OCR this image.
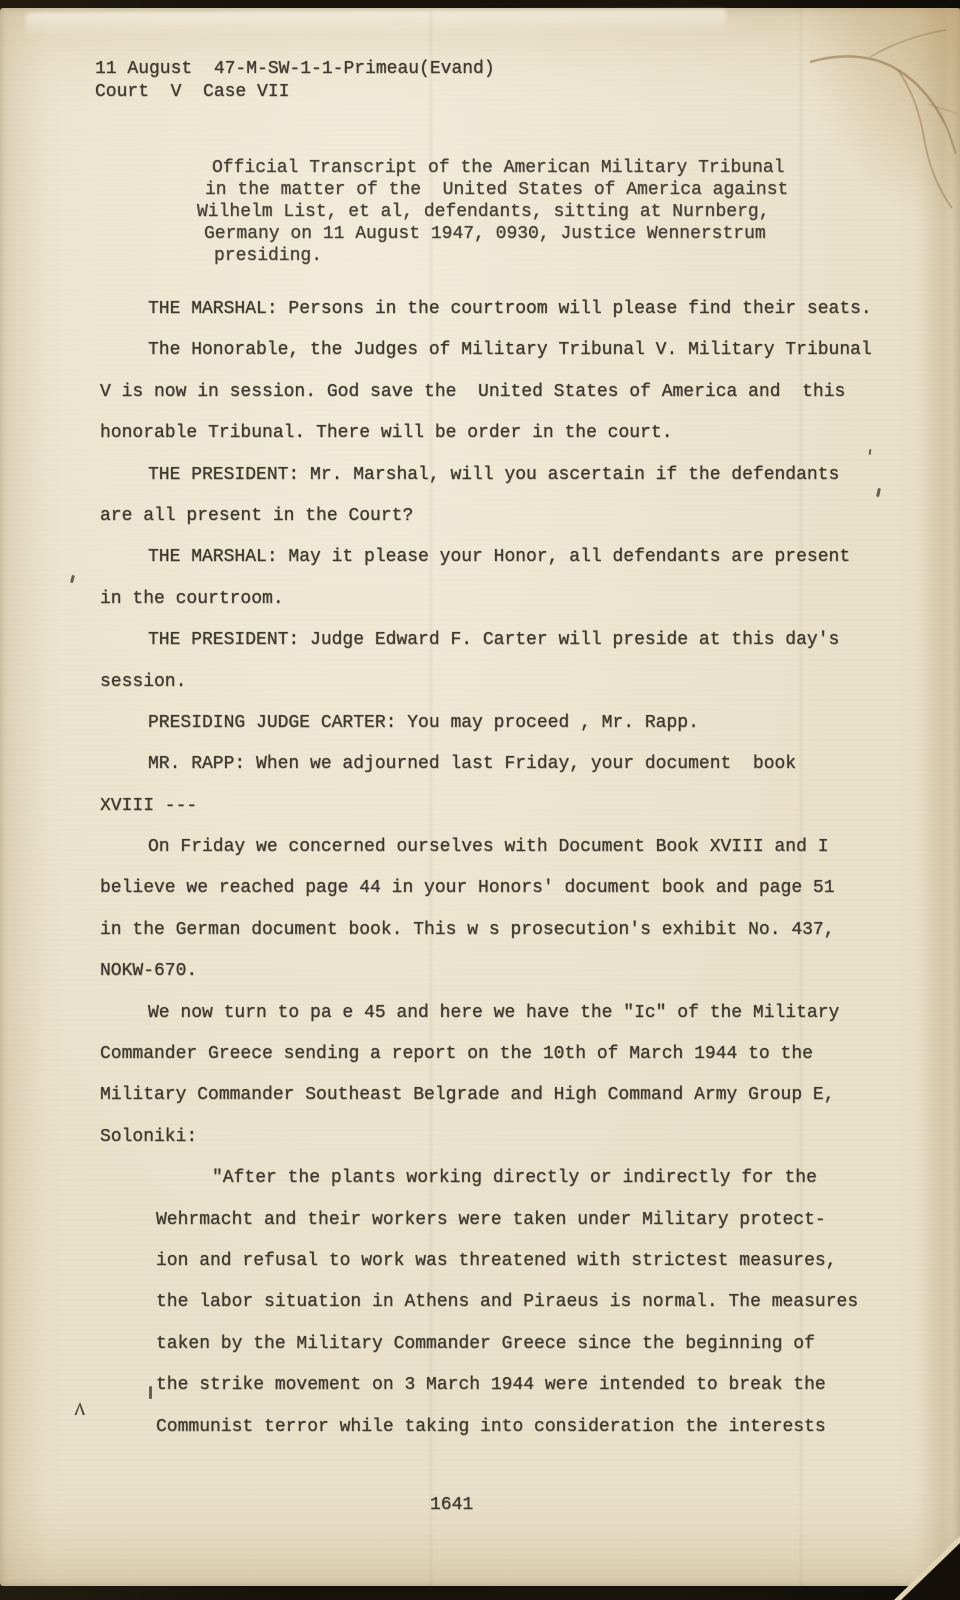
11 August  47-M-SW-1-1-Primeau(Evand)
Court  V  Case VII
Official Transcript of the American Military Tribunal
in the matter of the  United States of America against
Wilhelm List, et al, defendants, sitting at Nurnberg,
Germany on 11 August 1947, 0930, Justice Wennerstrum
presiding.
THE MARSHAL: Persons in the courtroom will please find their seats.
The Honorable, the Judges of Military Tribunal V. Military Tribunal
V is now in session. God save the  United States of America and  this
honorable Tribunal. There will be order in the court.
THE PRESIDENT: Mr. Marshal, will you ascertain if the defendants
are all present in the Court?
THE MARSHAL: May it please your Honor, all defendants are present
in the courtroom.
THE PRESIDENT: Judge Edward F. Carter will preside at this day's
session.
PRESIDING JUDGE CARTER: You may proceed , Mr. Rapp.
MR. RAPP: When we adjourned last Friday, your document  book
XVIII ---
On Friday we concerned ourselves with Document Book XVIII and I
believe we reached page 44 in your Honors' document book and page 51
in the German document book. This w s prosecution's exhibit No. 437,
NOKW-670.
We now turn to pa e 45 and here we have the "Ic" of the Military
Commander Greece sending a report on the 10th of March 1944 to the
Military Commander Southeast Belgrade and High Command Army Group E,
Soloniki:
"After the plants working directly or indirectly for the
Wehrmacht and their workers were taken under Military protect-
ion and refusal to work was threatened with strictest measures,
the labor situation in Athens and Piraeus is normal. The measures
taken by the Military Commander Greece since the beginning of
the strike movement on 3 March 1944 were intended to break the
Communist terror while taking into consideration the interests
1641
